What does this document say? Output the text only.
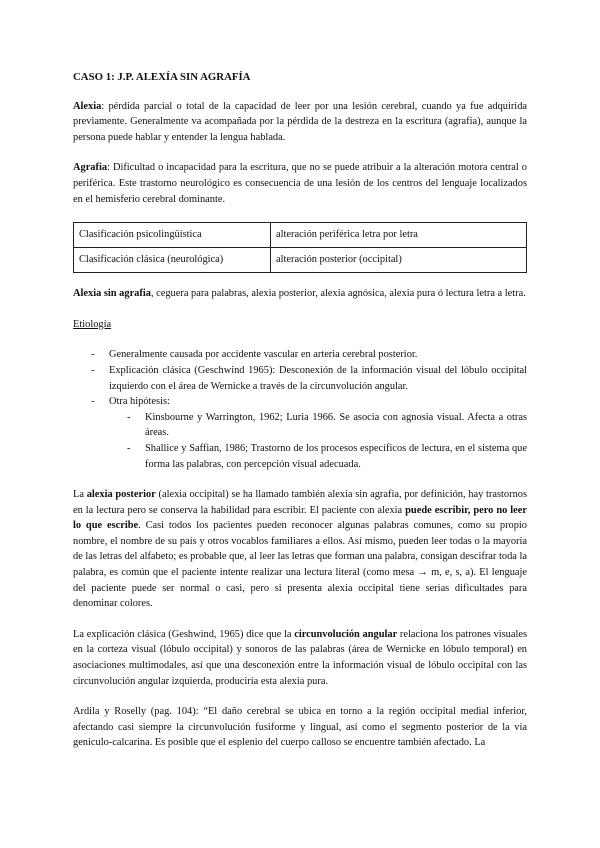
CASO 1: J.P. ALEXÍA SIN AGRAFÍA

Alexia: pérdida parcial o total de la capacidad de leer por una lesión cerebral, cuando ya fue adquirida previamente. Generalmente va acompañada por la pérdida de la destreza en la escritura (agrafia), aunque la persona puede hablar y entender la lengua hablada.

Agrafia: Dificultad o incapacidad para la escritura, que no se puede atribuir a la alteración motora central o periférica. Este trastorno neurológico es consecuencia de una lesión de los centros del lenguaje localizados en el hemisferio cerebral dominante.

Clasificación psicolingüística	alteración periférica letra por letra
Clasificación clásica (neurológica)	alteración posterior (occipital)

Alexia sin agrafia, ceguera para palabras, alexia posterior, alexia agnósica, alexia pura ó lectura letra a letra.

Etiología
- Generalmente causada por accidente vascular en arteria cerebral posterior.
- Explicación clásica (Geschwind 1965): Desconexión de la información visual del lóbulo occipital izquierdo con el área de Wernicke a través de la circunvolución angular.
- Otra hipótesis:
- Kinsbourne y Warrington, 1962; Luria 1966. Se asocia con agnosia visual. Afecta a otras áreas.
- Shallice y Saffian, 1986; Trastorno de los procesos específicos de lectura, en el sistema que forma las palabras, con percepción visual adecuada.

La alexia posterior (alexia occipital) se ha llamado también alexia sin agrafia, por definición, hay trastornos en la lectura pero se conserva la habilidad para escribir. El paciente con alexia puede escribir, pero no leer lo que escribe. Casi todos los pacientes pueden reconocer algunas palabras comunes, como su propio nombre, el nombre de su país y otros vocablos familiares a ellos. Así mismo, pueden leer todas o la mayoría de las letras del alfabeto; es probable que, al leer las letras que forman una palabra, consigan descifrar toda la palabra, es común que el paciente intente realizar una lectura literal (como mesa → m, e, s, a). El lenguaje del paciente puede ser normal o casi, pero si presenta alexia occipital tiene serias dificultades para denominar colores.

La explicación clásica (Geshwind, 1965) dice que la circunvolución angular relaciona los patrones visuales en la corteza visual (lóbulo occipital) y sonoros de las palabras (área de Wernicke en lóbulo temporal) en asociaciones multimodales, así que una desconexión entre la información visual de lóbulo occipital con las circunvolución angular izquierda, produciría esta alexia pura.

Ardila y Roselly (pag. 104): “El daño cerebral se ubica en torno a la región occipital medial inferior, afectando casi siempre la circunvolución fusiforme y lingual, así como el segmento posterior de la vía geniculo-calcarina. Es posible que el esplenio del cuerpo calloso se encuentre también afectado. La
